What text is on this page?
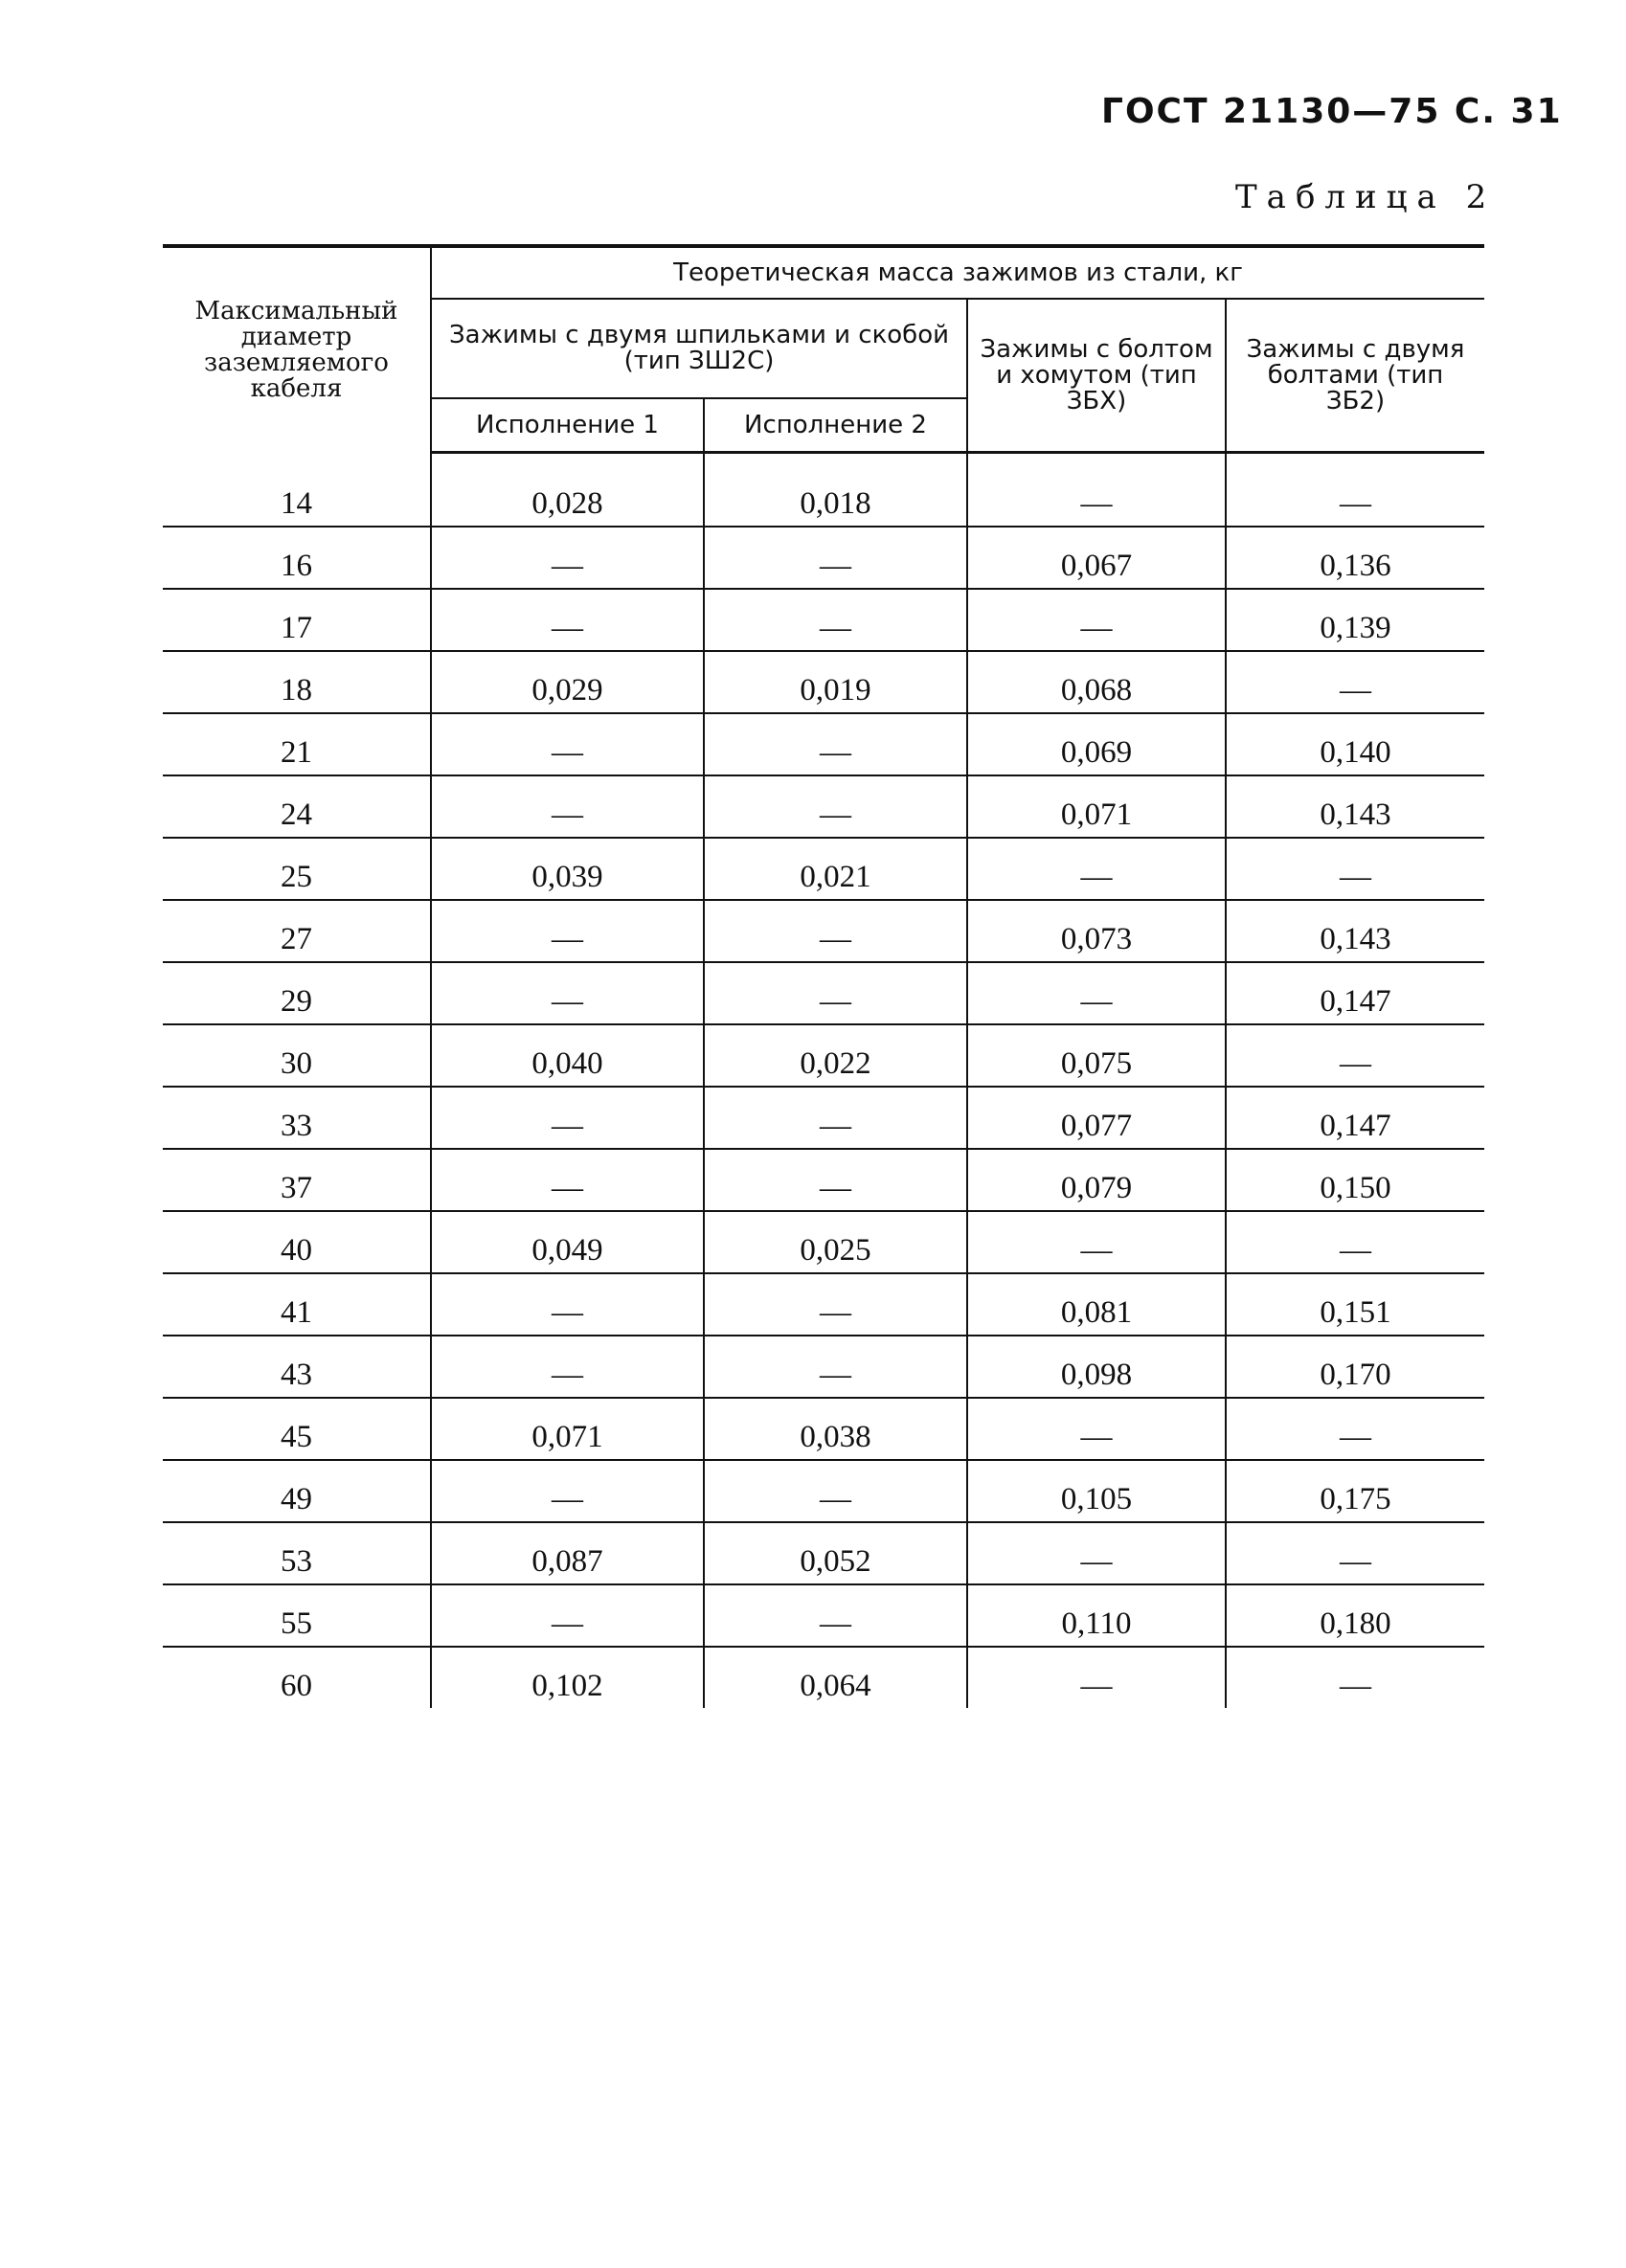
ГОСТ 21130—75 С. 31
Таблица 2
Максимальный диаметр заземляемого кабеля	Теоретическая масса зажимов из стали, кг			
	Зажимы с двумя шпильками и скобой (тип ЗШ2С)		Зажимы с болтом и хомутом (тип ЗБХ)	Зажимы с двумя болтами (тип ЗБ2)
	Исполнение 1	Исполнение 2		
14	0,028	0,018	—	—
16	—	—	0,067	0,136
17	—	—	—	0,139
18	0,029	0,019	0,068	—
21	—	—	0,069	0,140
24	—	—	0,071	0,143
25	0,039	0,021	—	—
27	—	—	0,073	0,143
29	—	—	—	0,147
30	0,040	0,022	0,075	—
33	—	—	0,077	0,147
37	—	—	0,079	0,150
40	0,049	0,025	—	—
41	—	—	0,081	0,151
43	—	—	0,098	0,170
45	0,071	0,038	—	—
49	—	—	0,105	0,175
53	0,087	0,052	—	—
55	—	—	0,110	0,180
60	0,102	0,064	—	—
